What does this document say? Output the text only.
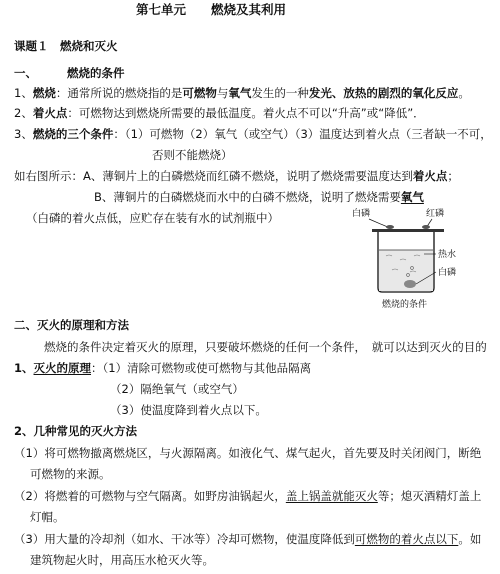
第七单元　　燃烧及其利用
课题１　燃烧和灭火
一、	燃烧的条件
1、燃烧：通常所说的燃烧指的是可燃物与氧气发生的一种发光、放热的剧烈的氧化反应。
2、着火点：可燃物达到燃烧所需要的最低温度。着火点不可以“升高”或“降低”．
3、燃烧的三个条件：（1）可燃物（2）氧气（或空气）（3）温度达到着火点（三者缺一不可，
否则不能燃烧）
如右图所示：A、薄铜片上的白磷燃烧而红磷不燃烧，说明了燃烧需要温度达到着火点；
B、薄铜片的白磷燃烧而水中的白磷不燃烧，说明了燃烧需要氧气
（白磷的着火点低，应贮存在装有水的试剂瓶中）	白磷	红磷
热水
白磷
燃烧的条件
二、灭火的原理和方法
燃烧的条件决定着灭火的原理，只要破坏燃烧的任何一个条件，　就可以达到灭火的目的
1、灭火的原理：（1）清除可燃物或使可燃物与其他品隔离
（2）隔绝氧气（或空气）
（3）使温度降到着火点以下。
2、几种常见的灭火方法
（1）将可燃物撤离燃烧区，与火源隔离。如液化气、煤气起火，首先要及时关闭阀门，断绝
可燃物的来源。
（2）将燃着的可燃物与空气隔离。如野房油锅起火，盖上锅盖就能灭火等；熄灭酒精灯盖上
灯帽。
（3）用大量的冷却剂（如水、干冰等）冷却可燃物，使温度降低到可燃物的着火点以下。如
建筑物起火时，用高压水枪灭火等。
